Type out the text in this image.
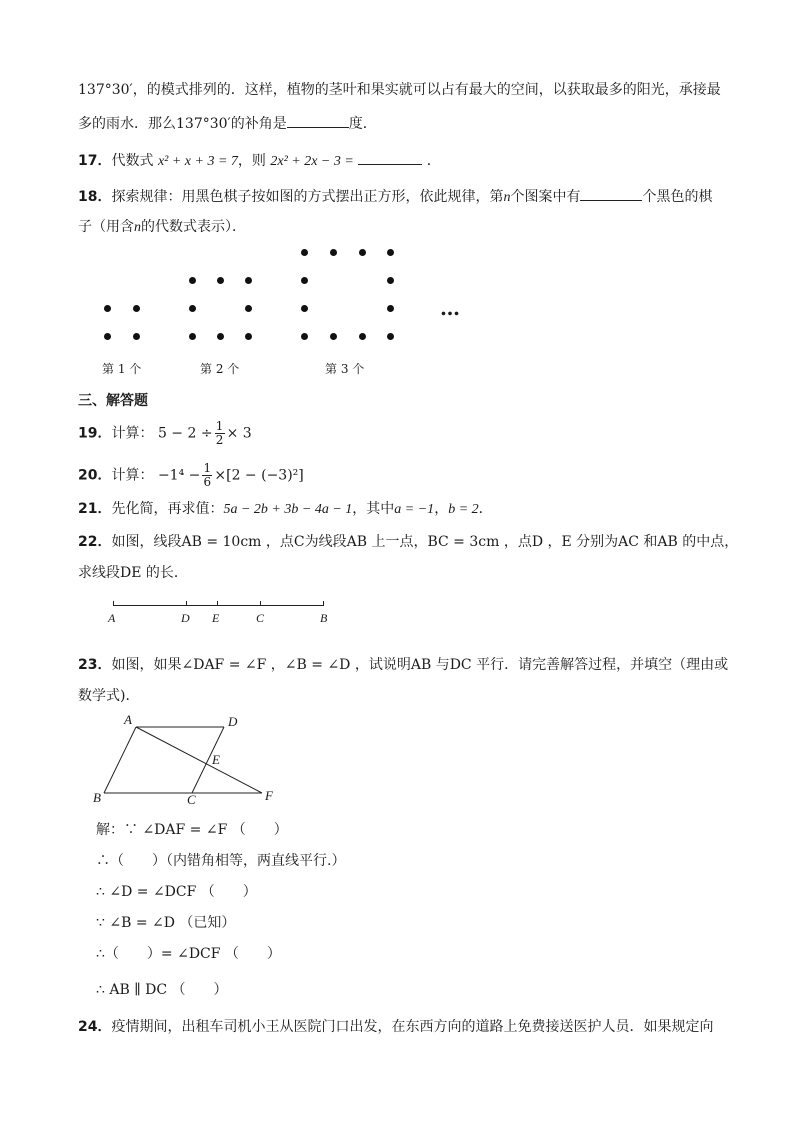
137°30′，的模式排列的．这样，植物的茎叶和果实就可以占有最大的空间，以获取最多的阳光，承接最
多的雨水．那么137°30′的补角是	度．
17．代数式 x² + x + 3 = 7，则 2x² + 2x − 3 =	．
18．探索规律：用黑色棋子按如图的方式摆出正方形，依此规律，第n个图案中有	个黑色的棋
子（用含n的代数式表示）．
…
第 1 个	第 2 个	第 3 个
三、解答题
19．计算： $5 - 2 \div \frac{1}{2} \times 3$
20．计算： $-1^4 - \frac{1}{6} \times[2 - (-3)^2]$
21．先化简，再求值：5a − 2b + 3b − 4a − 1，其中a = −1，b = 2．
22．如图，线段AB = 10cm ，点C为线段AB 上一点，BC = 3cm ，点D ，E 分别为AC 和AB 的中点，
求线段DE 的长．
A	D E	C	B
23．如图，如果∠DAF = ∠F ，∠B = ∠D ，试说明AB 与DC 平行．请完善解答过程，并填空（理由或
数学式)．
A	D
E
B	C	F
解：∵ ∠DAF = ∠F （　　）
∴（　　）（内错角相等，两直线平行.）
∴ ∠D = ∠DCF （　　）
∵ ∠B = ∠D （已知）
∴（　　）= ∠DCF （　　）
∴ AB ∥ DC （　　）
24．疫情期间，出租车司机小王从医院门口出发，在东西方向的道路上免费接送医护人员．如果规定向
